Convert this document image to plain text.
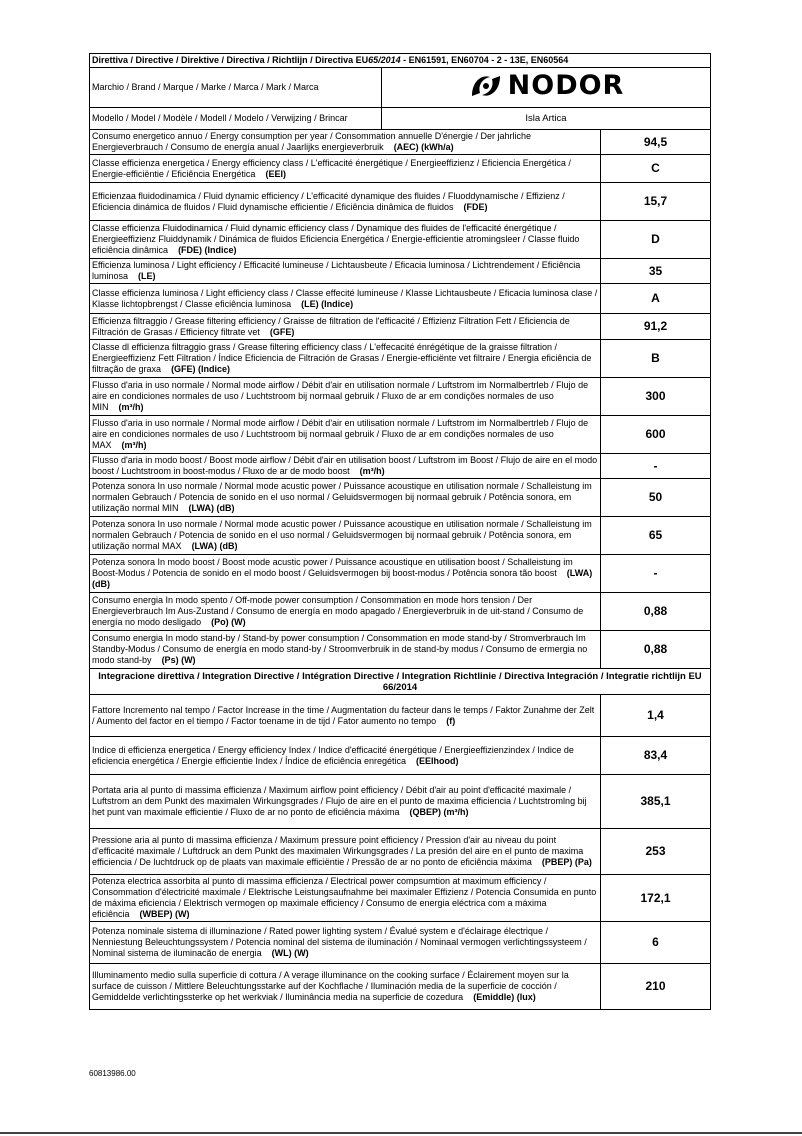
Direttiva / Directive / Direktive / Directiva / Richtlijn / Directiva EU65/2014 - EN61591, EN60704 - 2 - 13E, EN60564		
Marchio / Brand / Marque / Marke / Marca / Mark / Marca	NODOR	

Modello / Model / Modèle / Modell / Modelo / Verwijzing / Brincar	Isla Artica	
Consumo energetico annuo / Energy consumption per year / Consommation annuelle D'énergie / Der jahrliche Energieverbrauch / Consumo de energía anual / Jaarlijks energieverbruik (AEC) (kWh/a)		94,5
Classe efficienza energetica / Energy efficiency class / L'efficacité énergétique / Energieeffizienz / Eficiencia Energética / Energie-efficiëntie / Eficiência Energética (EEI)		C
Efficienzaa fluidodinamica / Fluid dynamic efficiency / L'efficacité dynamique des fluides / Fluoddynamische / Effizienz / Eficiencia dinámica de fluidos / Fluid dynamische efficientie / Eficiência dinâmica de fluidos (FDE)		15,7
Classe efficienza Fluidodinamica / Fluid dynamic efficiency class / Dynamique des fluides de l'efficacité énergétique / Energieeffizienz Fluiddynamik / Dinámica de fluidos Eficiencia Energética / Energie-efficientie atromingsleer / Classe fluido eficiência dinâmica (FDE) (Indice)		D
Efficienza luminosa / Light efficiency / Efficacité lumineuse / Lichtausbeute / Eficacia luminosa / Lichtrendement / Eficiência luminosa (LE)		35
Classe efficienza luminosa / Light efficiency class / Classe effecité lumineuse / Klasse Lichtausbeute / Eficacia luminosa clase / Klasse lichtopbrengst / Classe eficiência luminosa (LE) (Indice)		A
Efficienza filtraggio / Grease filtering efficiency / Graisse de filtration de l'efficacité / Effizienz Filtration Fett / Eficiencia de Filtración de Grasas / Efficiency filtrate vet (GFE)		91,2
Classe dl efficienza filtraggio grass / Grease filtering efficiency class / L'effecacité énrégétique de la graisse filtration / Energieeffizienz Fett Filtration / Índice Eficiencia de Filtración de Grasas / Energie-efficiënte vet filtraire / Energia eficiência de filtração de graxa (GFE) (Indice)		B
Flusso d'aria in uso normale / Normal mode airflow / Débit d'air en utilisation normale / Luftstrom im Normalbertrleb / Flujo de aire en condiciones normales de uso / Luchtstroom bij normaal gebruik / Fluxo de ar em condições normales de uso MIN (m³/h)		300
Flusso d'aria in uso normale / Normal mode airflow / Débit d'air en utilisation normale / Luftstrom im Normalbertrleb / Flujo de aire en condiciones normales de uso / Luchtstroom bij normaal gebruik / Fluxo de ar em condições normales de uso MAX (m³/h)		600
Flusso d'aria in modo boost / Boost mode airflow / Débit d'air en utilisation boost / Luftstrom im Boost / Flujo de aire en el modo boost / Luchtstroom in boost-modus / Fluxo de ar de modo boost (m³/h)		-
Potenza sonora In uso normale / Normal mode acustic power / Puissance acoustique en utilisation normale / Schalleistung im normalen Gebrauch / Potencia de sonido en el uso normal / Geluidsvermogen bij normaal gebruik / Potência sonora, em utilização normal MIN (LWA) (dB)		50
Potenza sonora In uso normale / Normal mode acustic power / Puissance acoustique en utilisation normale / Schalleistung im normalen Gebrauch / Potencia de sonido en el uso normal / Geluidsvermogen bij normaal gebruik / Potência sonora, em utilização normal MAX (LWA) (dB)		65
Potenza sonora In modo boost / Boost mode acustic power / Puissance acoustique en utilisation boost / Schalleistung im Boost-Modus / Potencia de sonido en el modo boost / Geluidsvermogen bij boost-modus / Potência sonora tão boost (LWA) (dB)		-
Consumo energia In modo spento / Off-mode power consumption / Consommation en mode hors tension / Der Energieverbrauch Im Aus-Zustand / Consumo de energía en modo apagado / Energieverbruik in de uit-stand / Consumo de energía no modo desligado (Po) (W)		0,88
Consumo energia In modo stand-by / Stand-by power consumption / Consommation en mode stand-by / Stromverbrauch Im Standby-Modus / Consumo de energía en modo stand-by / Stroomverbruik in de stand-by modus / Consumo de ermergia no modo stand-by (Ps) (W)		0,88
Integracione direttiva / Integration Directive / Intégration Directive / Integration Richtlinie / Directiva Integración / Integratie richtlijn EU 66/2014		
Fattore Incremento nal tempo / Factor Increase in the time / Augmentation du facteur dans le temps / Faktor Zunahme der Zelt / Aumento del factor en el tiempo / Factor toename in de tijd / Fator aumento no tempo (f)		1,4
Indice di efficienza energetica / Energy efficiency Index / Indice d'efficacité énergétique / Energieeffizienzindex / Indice de eficiencia energética / Energie efficientie Index / Índice de eficiência enregética (EEIhood)		83,4
Portata aria al punto di massima efficienza / Maximum airflow point efficiency / Débit d'air au point d'efficacité maximale / Luftstrom an dem Punkt des maximalen Wirkungsgrades / Flujo de aire en el punto de maxima efficiencia / Luchtstromlng bij het punt van maximale efficientie / Fluxo de ar no ponto de eficiência máxima (QBEP) (m³/h)		385,1
Pressione aria al punto di massima efficienza / Maximum pressure point efficiency / Pression d'air au niveau du point d'efficacité maximale / Luftdruck an dem Punkt des maximalen Wirkungsgrades / La presión del aire en el punto de maxima efficiencia / De luchtdruck op de plaats van maximale efficiëntie / Pressão de ar no ponto de eficiência máxima (PBEP) (Pa)		253
Potenza electrica assorbita al punto di massima efficienza / Electrical power compsumtion at maximum efficiency / Consommation d'électricité maximale / Elektrische Leistungsaufnahme bei maximaler Effizienz / Potencia Consumida en punto de máxima eficiencia / Elektrisch vermogen op maximale efficiency / Consumo de energia eléctrica com a máxima eficiência (WBEP) (W)		172,1
Potenza nominale sistema di illuminazione / Rated power lighting system / Évalué system e d'éclairage électrique / Nenniestung Beleuchtungssystem / Potencia nominal del sistema de iluminación / Nominaal vermogen verlichtingssysteem / Nominal sistema de iluminacão de energia (WL) (W)		6
Illuminamento medio sulla superficie di cottura / A verage illuminance on the cooking surface / Éclairement moyen sur la surface de cuisson / Mittlere Beleuchtungsstarke auf der Kochflache / Iluminación media de la superficie de cocción / Gemiddelde verlichtingssterke op het werkviak / Iluminância media na superficie de cozedura (Emiddle) (lux)		210
60813986.00
